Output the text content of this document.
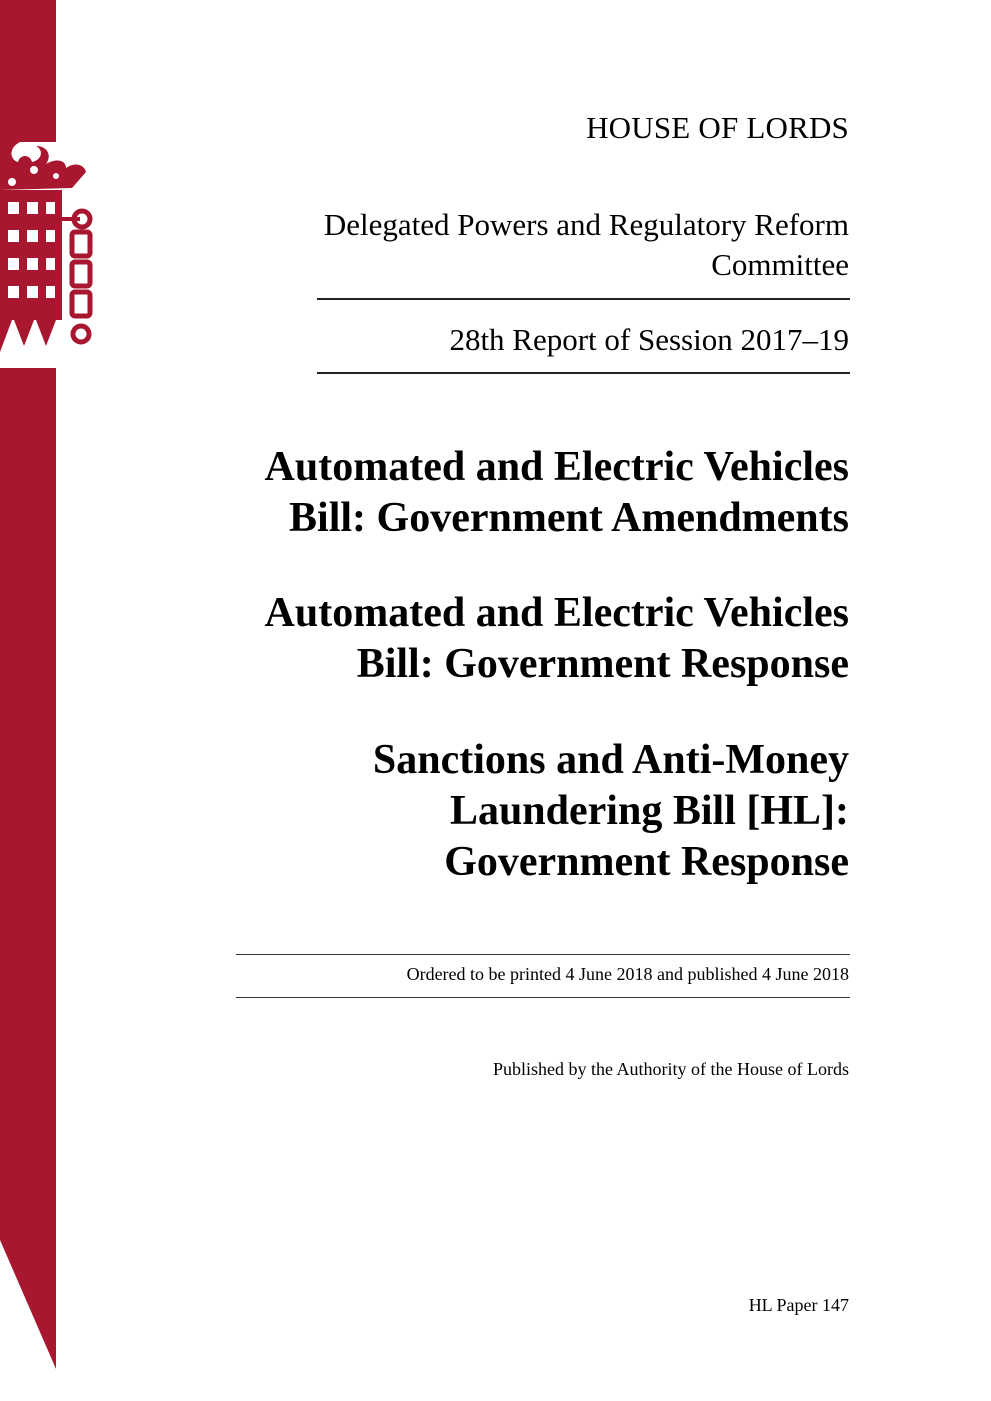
HOUSE OF LORDS
Delegated Powers and Regulatory Reform
Committee
28th Report of Session 2017–19
Automated and Electric Vehicles
Bill: Government Amendments
Automated and Electric Vehicles
Bill: Government Response
Sanctions and Anti-Money
Laundering Bill [HL]:
Government Response
Ordered to be printed 4 June 2018 and published 4 June 2018
Published by the Authority of the House of Lords
HL Paper 147
